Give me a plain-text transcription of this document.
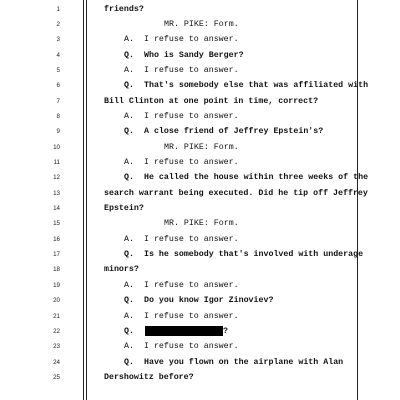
1	friends?
2	MR. PIKE: Form.
3	A. I refuse to answer.
4	Q. Who is Sandy Berger?
5	A. I refuse to answer.
6	Q. That's somebody else that was affiliated with
7	Bill Clinton at one point in time, correct?
8	A. I refuse to answer.
9	Q. A close friend of Jeffrey Epstein's?
10	MR. PIKE: Form.
11	A. I refuse to answer.
12	Q. He called the house within three weeks of the
13	search warrant being executed. Did he tip off Jeffrey
14	Epstein?
15	MR. PIKE: Form.
16	A. I refuse to answer.
17	Q. Is he somebody that's involved with underage
18	minors?
19	A. I refuse to answer.
20	Q. Do you know Igor Zinoviev?
21	A. I refuse to answer.
22	Q.	?
23	A. I refuse to answer.
24	Q. Have you flown on the airplane with Alan
25	Dershowitz before?
